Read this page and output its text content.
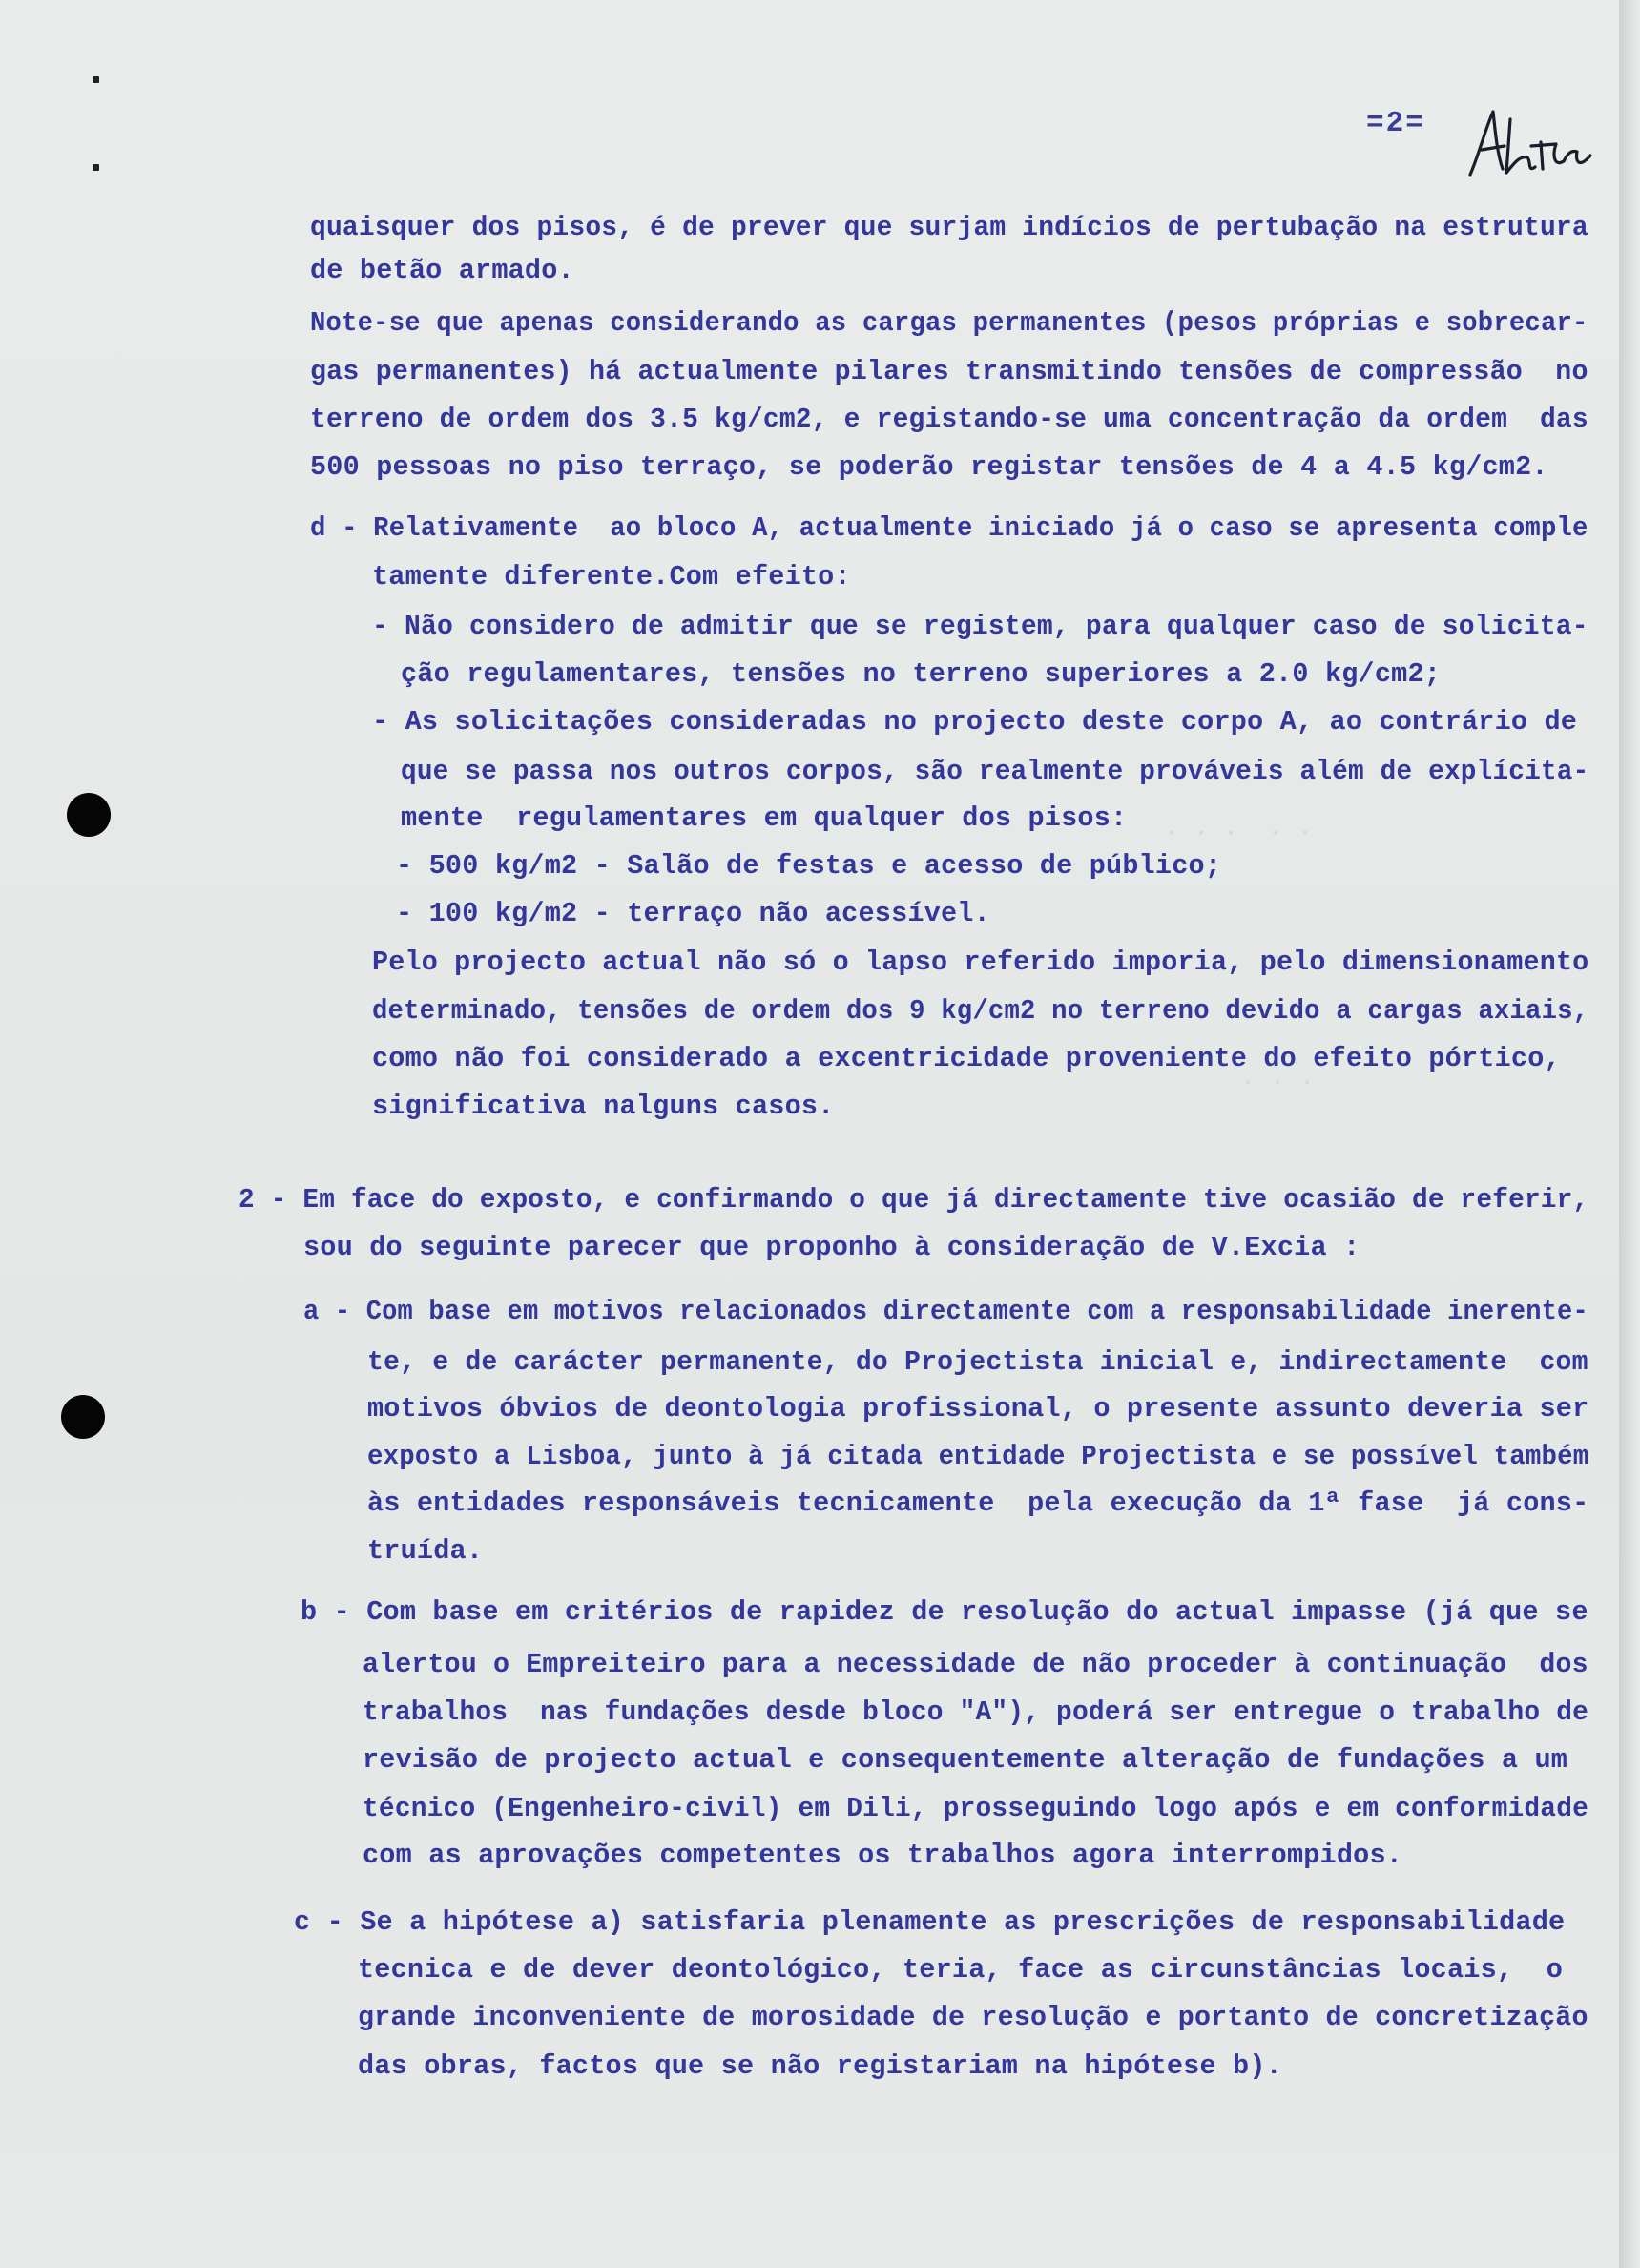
=2=
· · ·  · ·
· · ·
quaisquer dos pisos, é de prever que surjam indícios de pertubação na estrutura
de betão armado.
Note-se que apenas considerando as cargas permanentes (pesos próprias e sobrecar-
gas permanentes) há actualmente pilares transmitindo tensões de compressão  no
terreno de ordem dos 3.5 kg/cm2, e registando-se uma concentração da ordem  das
500 pessoas no piso terraço, se poderão registar tensões de 4 a 4.5 kg/cm2.
d - Relativamente  ao bloco A, actualmente iniciado já o caso se apresenta comple
tamente diferente.Com efeito:
- Não considero de admitir que se registem, para qualquer caso de solicita-
ção regulamentares, tensões no terreno superiores a 2.0 kg/cm2;
- As solicitações consideradas no projecto deste corpo A, ao contrário de
que se passa nos outros corpos, são realmente prováveis além de explícita-
mente  regulamentares em qualquer dos pisos:
- 500 kg/m2 - Salão de festas e acesso de público;
- 100 kg/m2 - terraço não acessível.
Pelo projecto actual não só o lapso referido imporia, pelo dimensionamento
determinado, tensões de ordem dos 9 kg/cm2 no terreno devido a cargas axiais,
como não foi considerado a excentricidade proveniente do efeito pórtico,
significativa nalguns casos.
2 - Em face do exposto, e confirmando o que já directamente tive ocasião de referir,
sou do seguinte parecer que proponho à consideração de V.Excia :
a - Com base em motivos relacionados directamente com a responsabilidade inerente-
te, e de carácter permanente, do Projectista inicial e, indirectamente  com
motivos óbvios de deontologia profissional, o presente assunto deveria ser
exposto a Lisboa, junto à já citada entidade Projectista e se possível também
às entidades responsáveis tecnicamente  pela execução da 1ª fase  já cons-
truída.
b - Com base em critérios de rapidez de resolução do actual impasse (já que se
alertou o Empreiteiro para a necessidade de não proceder à continuação  dos
trabalhos  nas fundações desde bloco "A"), poderá ser entregue o trabalho de
revisão de projecto actual e consequentemente alteração de fundações a um
técnico (Engenheiro-civil) em Dili, prosseguindo logo após e em conformidade
com as aprovações competentes os trabalhos agora interrompidos.
c - Se a hipótese a) satisfaria plenamente as prescrições de responsabilidade
tecnica e de dever deontológico, teria, face as circunstâncias locais,  o
grande inconveniente de morosidade de resolução e portanto de concretização
das obras, factos que se não registariam na hipótese b).
